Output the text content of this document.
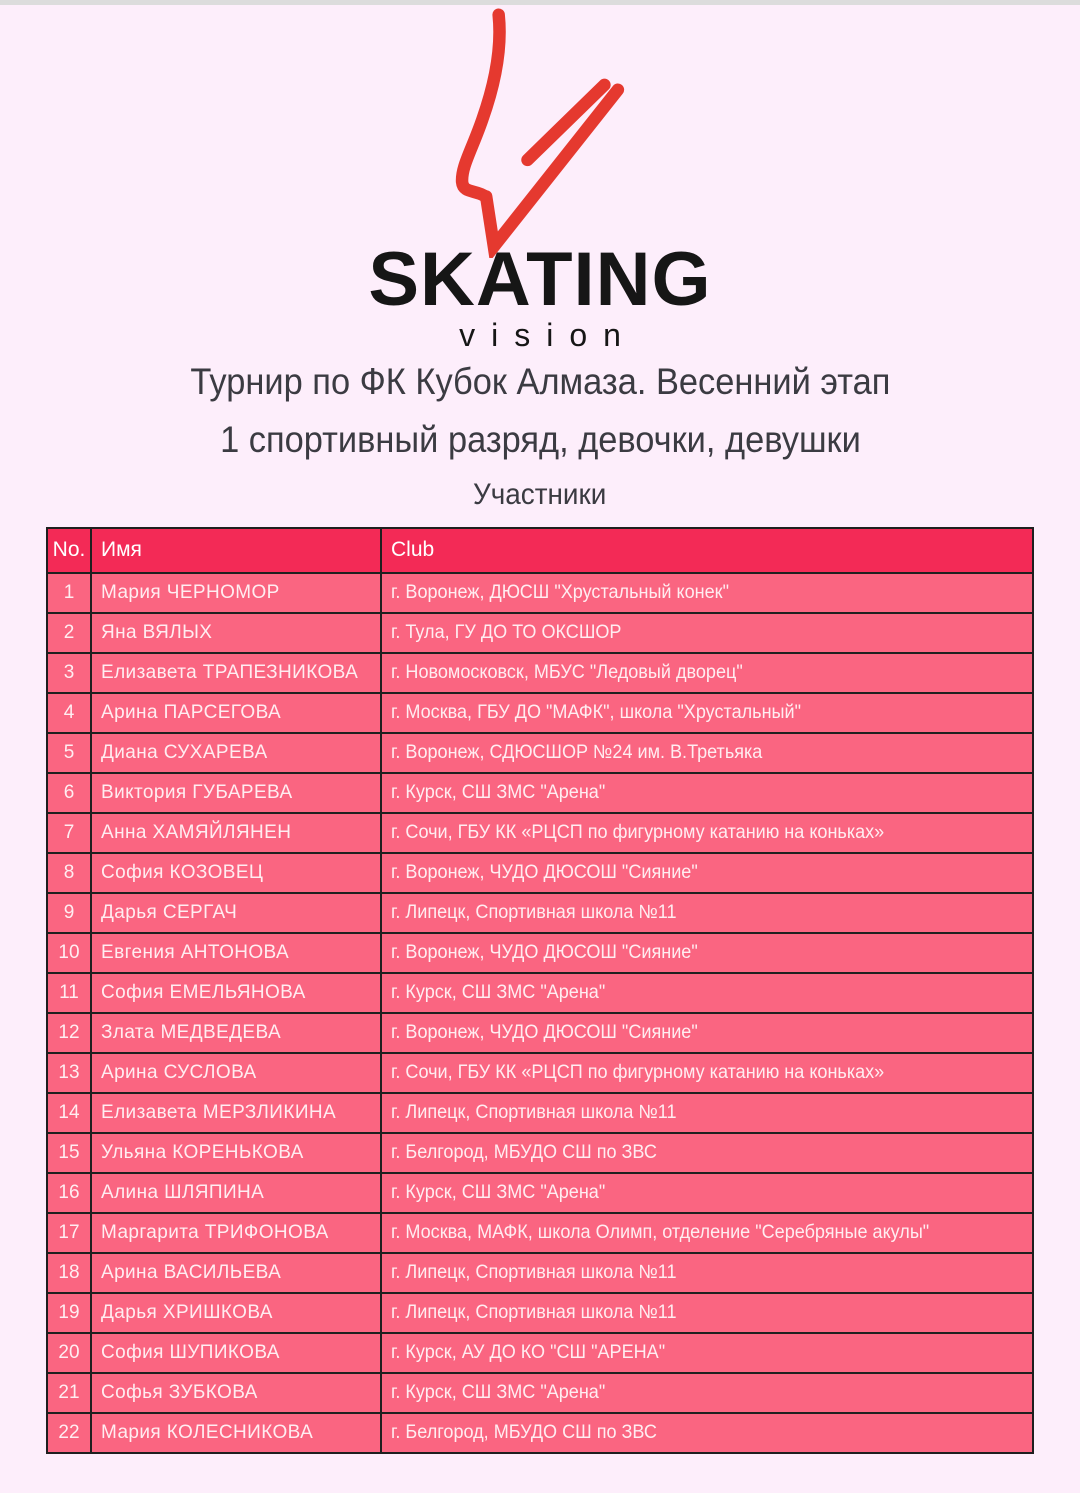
SKATING
vision
Турнир по ФК Кубок Алмаза. Весенний этап
1 спортивный разряд, девочки, девушки
Участники
No.	Имя	Club
1	Мария ЧЕРНОМОР	г. Воронеж, ДЮСШ "Хрустальный конек"
2	Яна ВЯЛЫХ	г. Тула, ГУ ДО ТО ОКСШОР
3	Елизавета ТРАПЕЗНИКОВА	г. Новомосковск, МБУС "Ледовый дворец"
4	Арина ПАРСЕГОВА	г. Москва, ГБУ ДО "МАФК", школа "Хрустальный"
5	Диана СУХАРЕВА	г. Воронеж, СДЮСШОР №24 им. В.Третьяка
6	Виктория ГУБАРЕВА	г. Курск, СШ ЗМС "Арена"
7	Анна ХАМЯЙЛЯНЕН	г. Сочи, ГБУ КК «РЦСП по фигурному катанию на коньках»
8	София КОЗОВЕЦ	г. Воронеж, ЧУДО ДЮСОШ "Сияние"
9	Дарья СЕРГАЧ	г. Липецк, Спортивная школа №11
10	Евгения АНТОНОВА	г. Воронеж, ЧУДО ДЮСОШ "Сияние"
11	София ЕМЕЛЬЯНОВА	г. Курск, СШ ЗМС "Арена"
12	Злата МЕДВЕДЕВА	г. Воронеж, ЧУДО ДЮСОШ "Сияние"
13	Арина СУСЛОВА	г. Сочи, ГБУ КК «РЦСП по фигурному катанию на коньках»
14	Елизавета МЕРЗЛИКИНА	г. Липецк, Спортивная школа №11
15	Ульяна КОРЕНЬКОВА	г. Белгород, МБУДО СШ по ЗВС
16	Алина ШЛЯПИНА	г. Курск, СШ ЗМС "Арена"
17	Маргарита ТРИФОНОВА	г. Москва, МАФК, школа Олимп, отделение "Серебряные акулы"
18	Арина ВАСИЛЬЕВА	г. Липецк, Спортивная школа №11
19	Дарья ХРИШКОВА	г. Липецк, Спортивная школа №11
20	София ШУПИКОВА	г. Курск, АУ ДО КО "СШ "АРЕНА"
21	Софья ЗУБКОВА	г. Курск, СШ ЗМС "Арена"
22	Мария КОЛЕСНИКОВА	г. Белгород, МБУДО СШ по ЗВС
